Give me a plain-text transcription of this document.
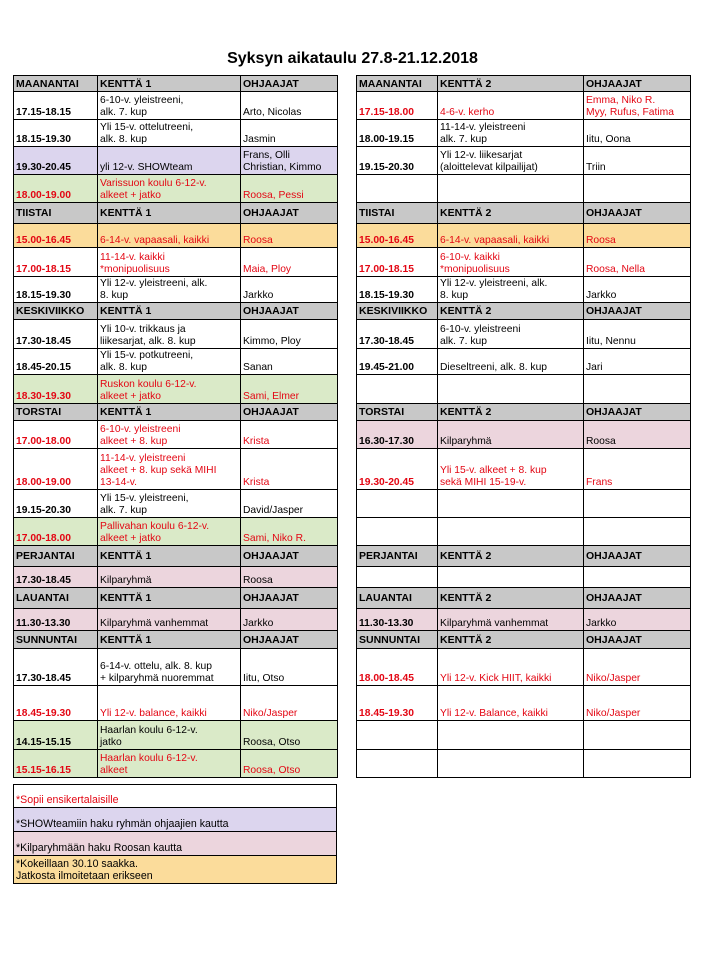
Syksyn aikataulu 27.8-21.12.2018
MAANANTAI	KENTTÄ 1	OHJAAJAT
17.15-18.15	6-10-v. yleistreeni,
alk. 7. kup	Arto, Nicolas
18.15-19.30	Yli 15-v. ottelutreeni,
alk. 8. kup	Jasmin
19.30-20.45	yli 12-v. SHOWteam	Frans, Olli
Christian, Kimmo
18.00-19.00	Varissuon koulu 6-12-v.
alkeet + jatko	Roosa, Pessi
TIISTAI	KENTTÄ 1	OHJAAJAT
15.00-16.45	6-14-v. vapaasali, kaikki	Roosa
17.00-18.15	11-14-v. kaikki
*monipuolisuus	Maia, Ploy
18.15-19.30	Yli 12-v. yleistreeni, alk.
8. kup	Jarkko
KESKIVIIKKO	KENTTÄ 1	OHJAAJAT
17.30-18.45	Yli 10-v. trikkaus ja
liikesarjat, alk. 8. kup	Kimmo, Ploy
18.45-20.15	Yli 15-v. potkutreeni,
alk. 8. kup	Sanan
18.30-19.30	Ruskon koulu 6-12-v.
alkeet + jatko	Sami, Elmer
TORSTAI	KENTTÄ 1	OHJAAJAT
17.00-18.00	6-10-v. yleistreeni
alkeet + 8. kup	Krista
18.00-19.00	11-14-v. yleistreeni
alkeet + 8. kup sekä MIHI
13-14-v.	Krista
19.15-20.30	Yli 15-v. yleistreeni,
alk. 7. kup	David/Jasper
17.00-18.00	Pallivahan koulu 6-12-v.
alkeet + jatko	Sami, Niko R.
PERJANTAI	KENTTÄ 1	OHJAAJAT
17.30-18.45	Kilparyhmä	Roosa
LAUANTAI	KENTTÄ 1	OHJAAJAT
11.30-13.30	Kilparyhmä vanhemmat	Jarkko
SUNNUNTAI	KENTTÄ 1	OHJAAJAT
17.30-18.45	6-14-v. ottelu, alk. 8. kup
+ kilparyhmä nuoremmat	Iitu, Otso
18.45-19.30	Yli 12-v. balance, kaikki	Niko/Jasper
14.15-15.15	Haarlan koulu 6-12-v.
jatko	Roosa, Otso
15.15-16.15	Haarlan koulu 6-12-v.
alkeet	Roosa, Otso
MAANANTAI	KENTTÄ 2	OHJAAJAT
17.15-18.00	4-6-v. kerho	Emma, Niko R.
Myy, Rufus, Fatima
18.00-19.15	11-14-v. yleistreeni
alk. 7. kup	Iitu, Oona
19.15-20.30	Yli 12-v. liikesarjat
(aloittelevat kilpailijat)	Triin

TIISTAI	KENTTÄ 2	OHJAAJAT
15.00-16.45	6-14-v. vapaasali, kaikki	Roosa
17.00-18.15	6-10-v. kaikki
*monipuolisuus	Roosa, Nella
18.15-19.30	Yli 12-v. yleistreeni, alk.
8. kup	Jarkko
KESKIVIIKKO	KENTTÄ 2	OHJAAJAT
17.30-18.45	6-10-v. yleistreeni
alk. 7. kup	Iitu, Nennu
19.45-21.00	Dieseltreeni, alk. 8. kup	Jari

TORSTAI	KENTTÄ 2	OHJAAJAT
16.30-17.30	Kilparyhmä	Roosa
19.30-20.45	Yli 15-v. alkeet + 8. kup
sekä MIHI 15-19-v.	Frans

PERJANTAI	KENTTÄ 2	OHJAAJAT

LAUANTAI	KENTTÄ 2	OHJAAJAT
11.30-13.30	Kilparyhmä vanhemmat	Jarkko
SUNNUNTAI	KENTTÄ 2	OHJAAJAT
18.00-18.45	Yli 12-v. Kick HIIT, kaikki	Niko/Jasper
18.45-19.30	Yli 12-v. Balance, kaikki	Niko/Jasper

*Sopii ensikertalaisille
*SHOWteamiin haku ryhmän ohjaajien kautta
*Kilparyhmään haku Roosan kautta
*Kokeillaan 30.10 saakka.
Jatkosta ilmoitetaan erikseen
